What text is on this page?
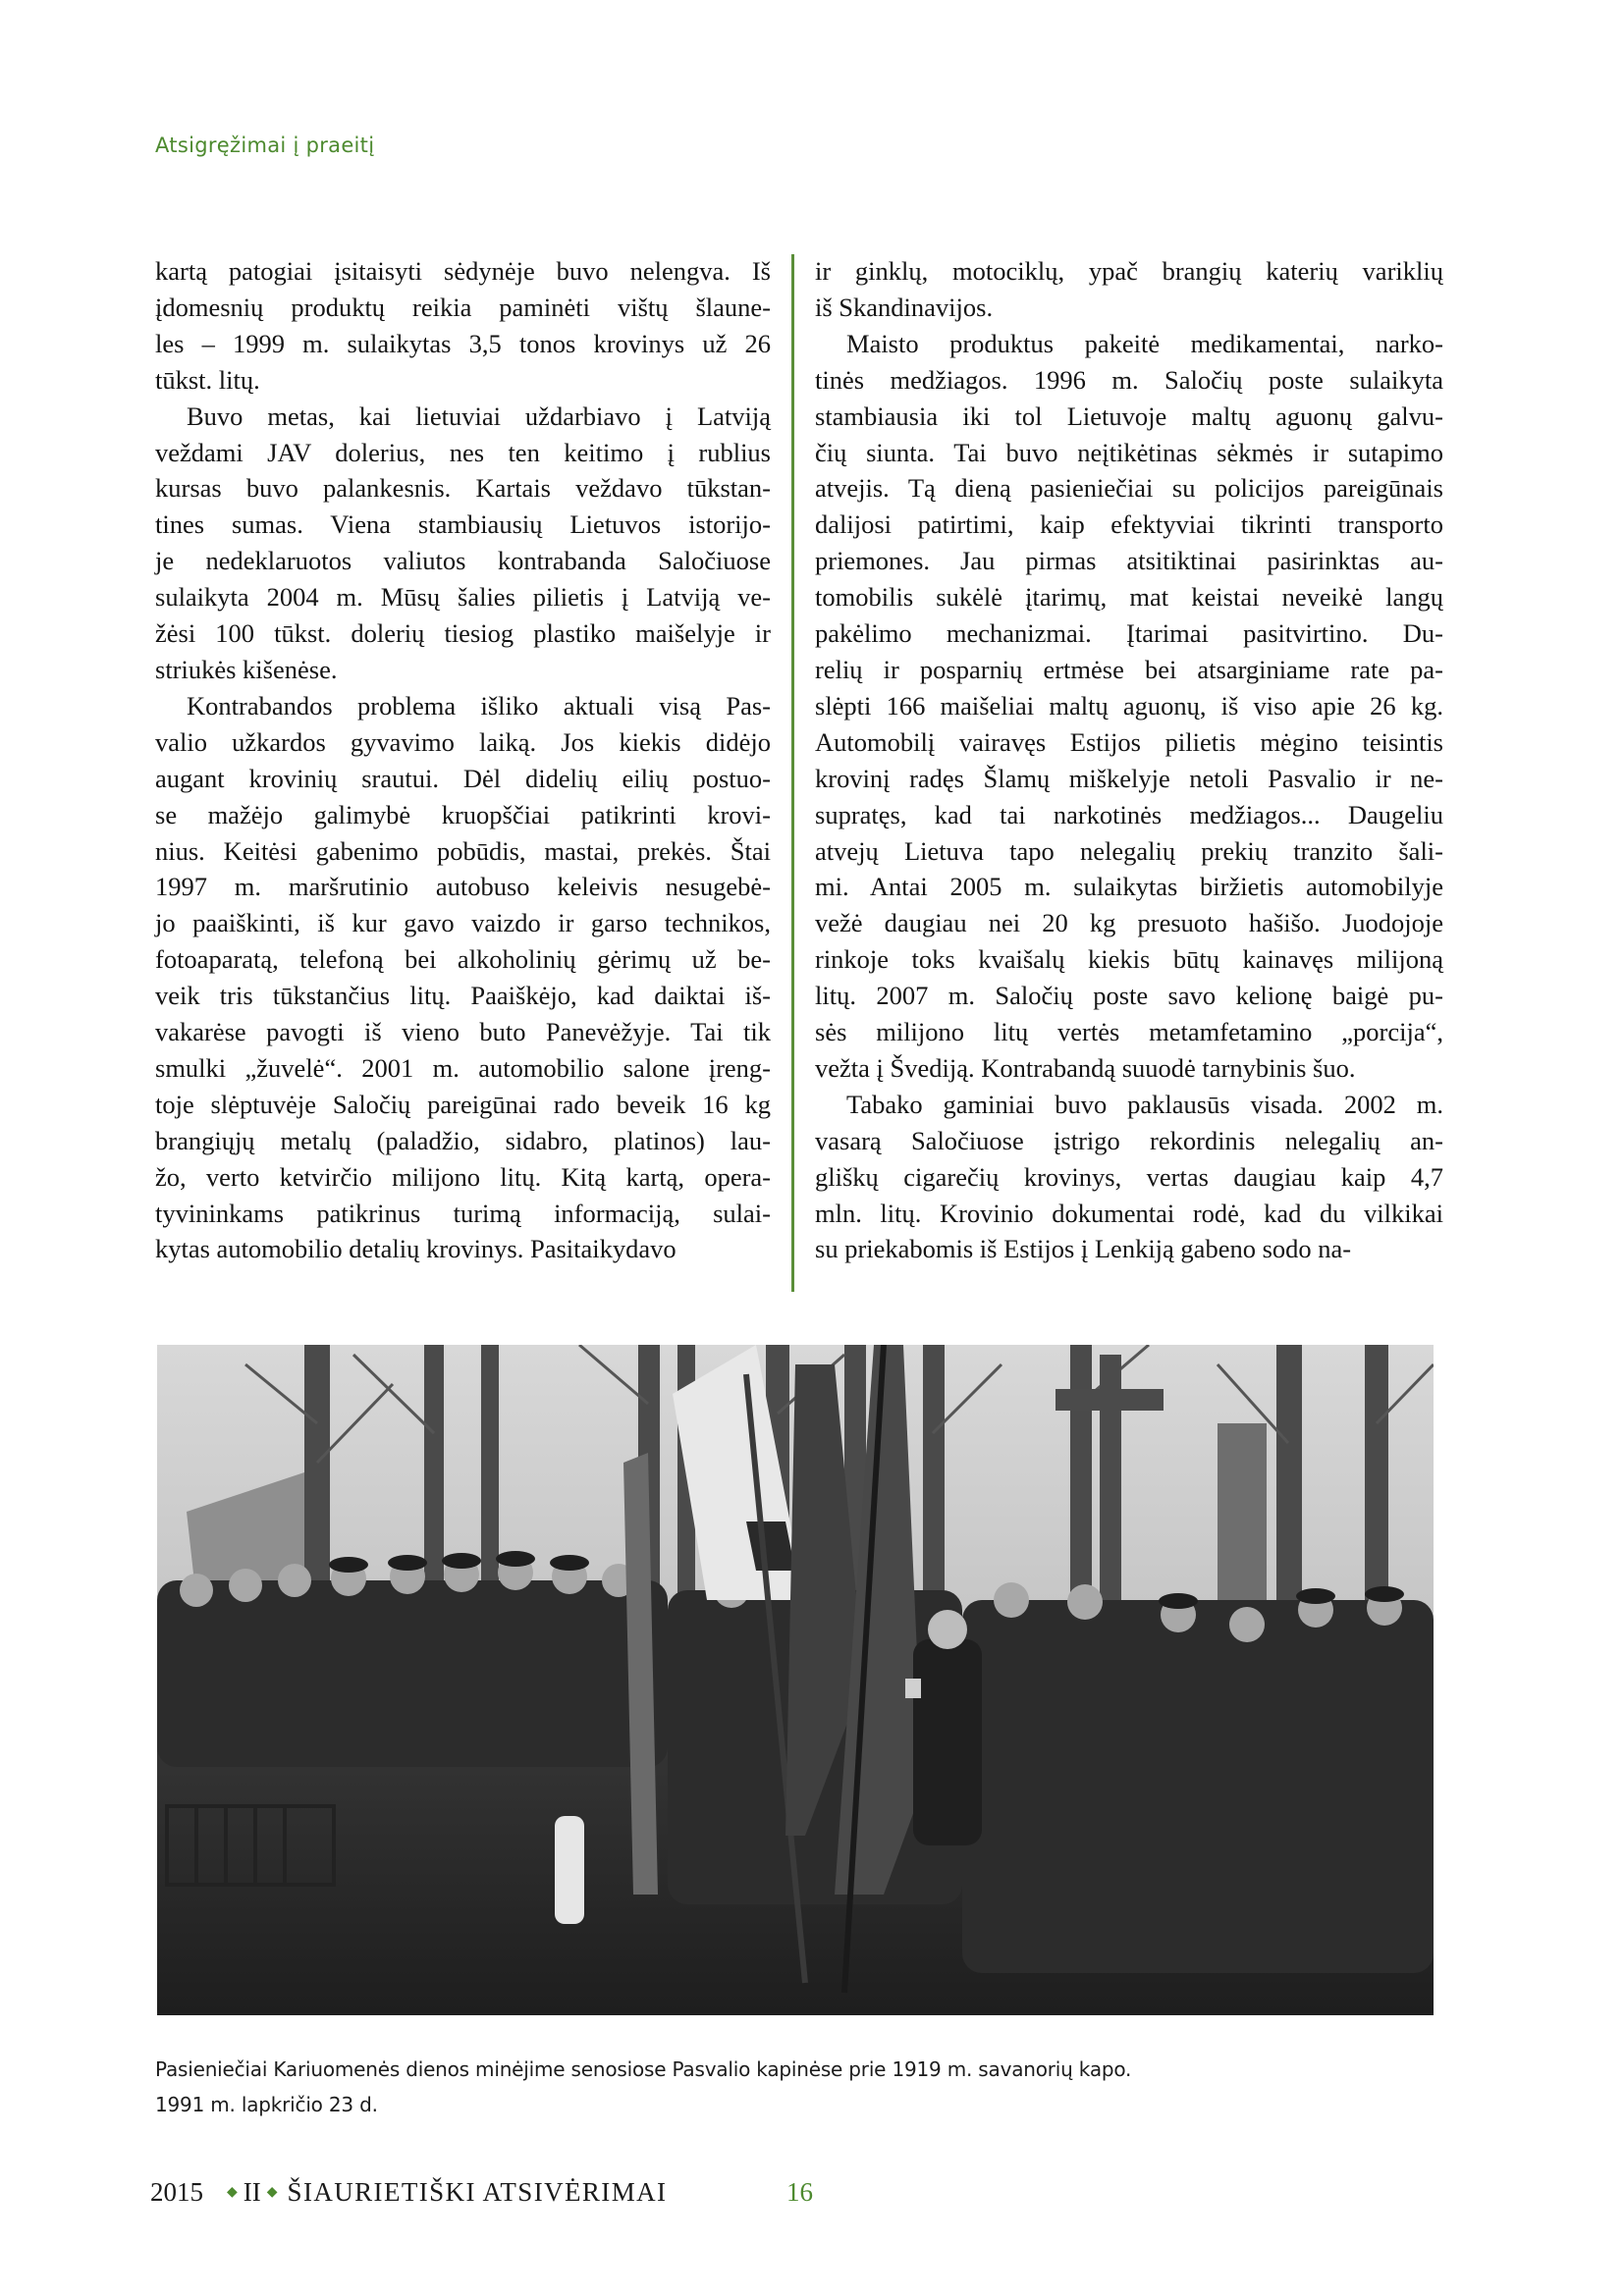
Atsigręžimai į praeitį

kartą patogiai įsitaisyti sėdynėje buvo nelengva. Iš
įdomesnių produktų reikia paminėti vištų šlaune-
les – 1999 m. sulaikytas 3,5 tonos krovinys už 26
tūkst. litų.

Buvo metas, kai lietuviai uždarbiavo į Latviją
veždami JAV dolerius, nes ten keitimo į rublius
kursas buvo palankesnis. Kartais veždavo tūkstan-
tines sumas. Viena stambiausių Lietuvos istorijo-
je nedeklaruotos valiutos kontrabanda Saločiuose
sulaikyta 2004 m. Mūsų šalies pilietis į Latviją ve-
žėsi 100 tūkst. dolerių tiesiog plastiko maišelyje ir
striukės kišenėse.

Kontrabandos problema išliko aktuali visą Pas-
valio užkardos gyvavimo laiką. Jos kiekis didėjo
augant krovinių srautui. Dėl didelių eilių postuo-
se mažėjo galimybė kruopščiai patikrinti krovi-
nius. Keitėsi gabenimo pobūdis, mastai, prekės. Štai
1997 m. maršrutinio autobuso keleivis nesugebė-
jo paaiškinti, iš kur gavo vaizdo ir garso technikos,
fotoaparatą, telefoną bei alkoholinių gėrimų už be-
veik tris tūkstančius litų. Paaiškėjo, kad daiktai iš-
vakarėse pavogti iš vieno buto Panevėžyje. Tai tik
smulki „žuvelė“. 2001 m. automobilio salone įreng-
toje slėptuvėje Saločių pareigūnai rado beveik 16 kg
brangiųjų metalų (paladžio, sidabro, platinos) lau-
žo, verto ketvirčio milijono litų. Kitą kartą, opera-
tyvininkams patikrinus turimą informaciją, sulai-
kytas automobilio detalių krovinys. Pasitaikydavo

ir ginklų, motociklų, ypač brangių katerių variklių
iš Skandinavijos.

Maisto produktus pakeitė medikamentai, narko-
tinės medžiagos. 1996 m. Saločių poste sulaikyta
stambiausia iki tol Lietuvoje maltų aguonų galvu-
čių siunta. Tai buvo neįtikėtinas sėkmės ir sutapimo
atvejis. Tą dieną pasieniečiai su policijos pareigūnais
dalijosi patirtimi, kaip efektyviai tikrinti transporto
priemones. Jau pirmas atsitiktinai pasirinktas au-
tomobilis sukėlė įtarimų, mat keistai neveikė langų
pakėlimo mechanizmai. Įtarimai pasitvirtino. Du-
relių ir posparnių ertmėse bei atsarginiame rate pa-
slėpti 166 maišeliai maltų aguonų, iš viso apie 26 kg.
Automobilį vairavęs Estijos pilietis mėgino teisintis
krovinį radęs Šlamų miškelyje netoli Pasvalio ir ne-
supratęs, kad tai narkotinės medžiagos... Daugeliu
atvejų Lietuva tapo nelegalių prekių tranzito šali-
mi. Antai 2005 m. sulaikytas biržietis automobilyje
vežė daugiau nei 20 kg presuoto hašišo. Juodojoje
rinkoje toks kvaišalų kiekis būtų kainavęs milijoną
litų. 2007 m. Saločių poste savo kelionę baigė pu-
sės milijono litų vertės metamfetamino „porcija“,
vežta į Švediją. Kontrabandą suuodė tarnybinis šuo.

Tabako gaminiai buvo paklausūs visada. 2002 m.
vasarą Saločiuose įstrigo rekordinis nelegalių an-
gliškų cigarečių krovinys, vertas daugiau kaip 4,7
mln. litų. Krovinio dokumentai rodė, kad du vilkikai
su priekabomis iš Estijos į Lenkiją gabeno sodo na-

Pasieniečiai Kariuomenės dienos minėjime senosiose Pasvalio kapinėse prie 1919 m. savanorių kapo.
1991 m. lapkričio 23 d.
2015 ◆ II ◆ ŠIAURIETIŠKI ATSIVĖRIMAI	16
